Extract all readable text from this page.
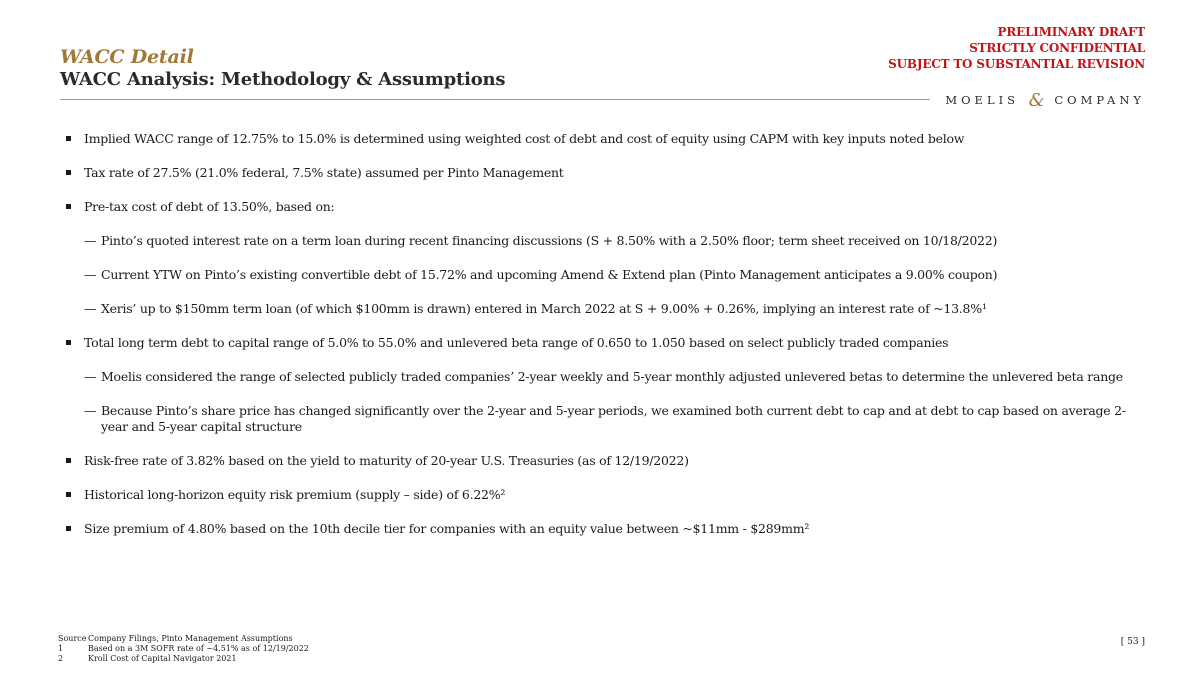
WACC Detail
WACC Analysis: Methodology & Assumptions
PRELIMINARY DRAFT
STRICTLY CONFIDENTIAL
SUBJECT TO SUBSTANTIAL REVISION
MOELIS & COMPANY
Implied WACC range of 12.75% to 15.0% is determined using weighted cost of debt and cost of equity using CAPM with key inputs noted below
Tax rate of 27.5% (21.0% federal, 7.5% state) assumed per Pinto Management
Pre-tax cost of debt of 13.50%, based on:
— Pinto’s quoted interest rate on a term loan during recent financing discussions (S + 8.50% with a 2.50% floor; term sheet received on 10/18/2022)
— Current YTW on Pinto’s existing convertible debt of 15.72% and upcoming Amend & Extend plan (Pinto Management anticipates a 9.00% coupon)
— Xeris’ up to $150mm term loan (of which $100mm is drawn) entered in March 2022 at S + 9.00% + 0.26%, implying an interest rate of ~13.8%¹
Total long term debt to capital range of 5.0% to 55.0% and unlevered beta range of 0.650 to 1.050 based on select publicly traded companies
— Moelis considered the range of selected publicly traded companies’ 2-year weekly and 5-year monthly adjusted unlevered betas to determine the unlevered beta range
— Because Pinto’s share price has changed significantly over the 2-year and 5-year periods, we examined both current debt to cap and at debt to cap based on average 2-year and 5-year capital structure
Risk-free rate of 3.82% based on the yield to maturity of 20-year U.S. Treasuries (as of 12/19/2022)
Historical long-horizon equity risk premium (supply – side) of 6.22%²
Size premium of 4.80% based on the 10th decile tier for companies with an equity value between ~$11mm - $289mm²
Source Company Filings, Pinto Management Assumptions
1	Based on a 3M SOFR rate of ~4.51% as of 12/19/2022
2	Kroll Cost of Capital Navigator 2021
[ 53 ]
